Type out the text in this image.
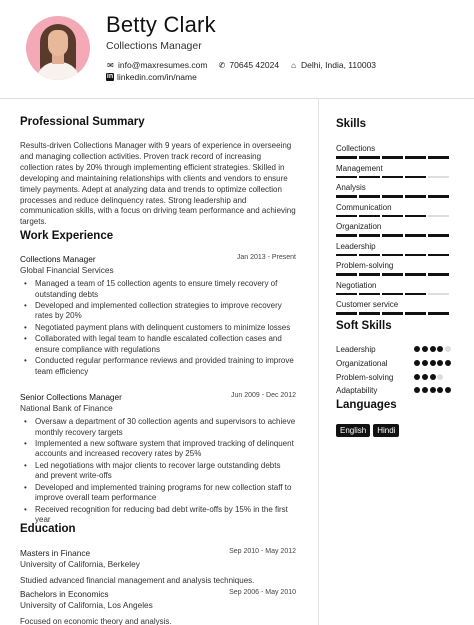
Betty Clark
Collections Manager
✉ info@maxresumes.com ✆ 70645 42024 ⌂ Delhi, India, 110003
in linkedin.com/in/name
Professional Summary
Results-driven Collections Manager with 9 years of experience in overseeing and managing collection activities. Proven track record of increasing collection rates by 20% through implementing efficient strategies. Skilled in developing and maintaining relationships with clients and vendors to ensure timely payments. Adept at analyzing data and trends to optimize collection processes and reduce delinquency rates. Strong leadership and communication skills, with a focus on driving team performance and achieving targets.
Work Experience
Collections Manager	Jan 2013 - Present
Global Financial Services
• Managed a team of 15 collection agents to ensure timely recovery of outstanding debts
• Developed and implemented collection strategies to improve recovery rates by 20%
• Negotiated payment plans with delinquent customers to minimize losses
• Collaborated with legal team to handle escalated collection cases and ensure compliance with regulations
• Conducted regular performance reviews and provided training to improve team efficiency
Senior Collections Manager	Jun 2009 - Dec 2012
National Bank of Finance
• Oversaw a department of 30 collection agents and supervisors to achieve monthly recovery targets
• Implemented a new software system that improved tracking of delinquent accounts and increased recovery rates by 25%
• Led negotiations with major clients to recover large outstanding debts and prevent write-offs
• Developed and implemented training programs for new collection staff to improve overall team performance
• Received recognition for reducing bad debt write-offs by 15% in the first year
Education
Masters in Finance	Sep 2010 - May 2012
University of California, Berkeley
Studied advanced financial management and analysis techniques.
Bachelors in Economics	Sep 2006 - May 2010
University of California, Los Angeles
Focused on economic theory and analysis.
Skills
Collections
Management
Analysis
Communication
Organization
Leadership
Problem-solving
Negotiation
Customer service
Soft Skills
Leadership
Organizational
Problem-solving
Adaptability
Languages
English	Hindi
